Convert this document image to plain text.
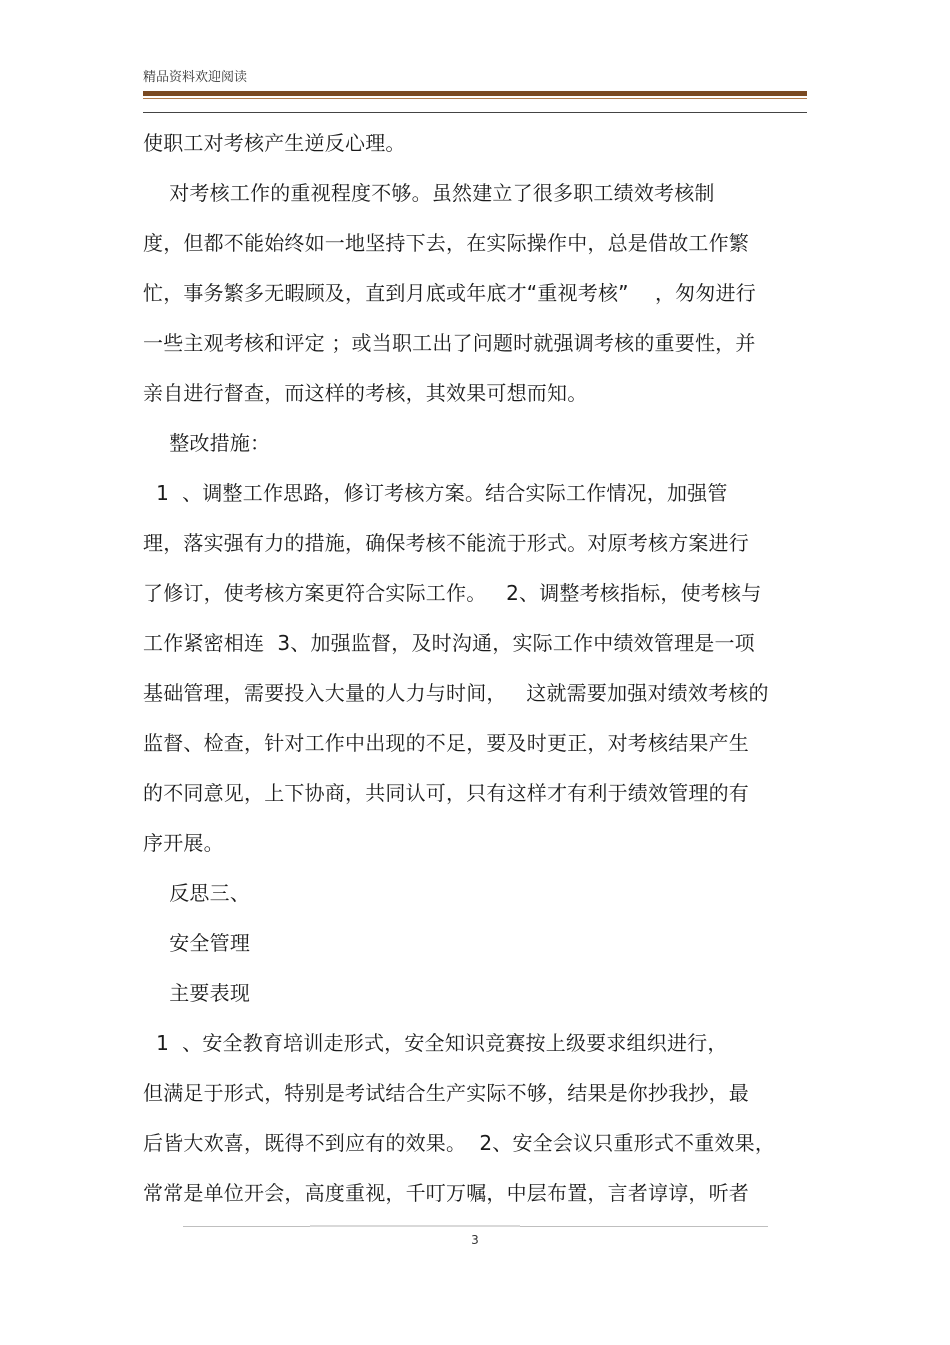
精品资料欢迎阅读
使职工对考核产生逆反心理。
对考核工作的重视程度不够。虽然建立了很多职工绩效考核制
度，但都不能始终如一地坚持下去，在实际操作中，总是借故工作繁
忙，事务繁多无暇顾及，直到月底或年底才“重视考核”    ，匆匆进行
一些主观考核和评定 ；或当职工出了问题时就强调考核的重要性，并
亲自进行督查，而这样的考核，其效果可想而知。
整改措施：
1  、调整工作思路，修订考核方案。结合实际工作情况，加强管
理，落实强有力的措施，确保考核不能流于形式。对原考核方案进行
了修订，使考核方案更符合实际工作。   2、调整考核指标，使考核与
工作紧密相连  3、加强监督，及时沟通，实际工作中绩效管理是一项
基础管理，需要投入大量的人力与时间，   这就需要加强对绩效考核的
监督、检查，针对工作中出现的不足，要及时更正，对考核结果产生
的不同意见，上下协商，共同认可，只有这样才有利于绩效管理的有
序开展。
反思三、
安全管理
主要表现
1  、安全教育培训走形式，安全知识竞赛按上级要求组织进行，
但满足于形式，特别是考试结合生产实际不够，结果是你抄我抄，最
后皆大欢喜，既得不到应有的效果。  2、安全会议只重形式不重效果，
常常是单位开会，高度重视，千叮万嘱，中层布置，言者谆谆，听者
3
